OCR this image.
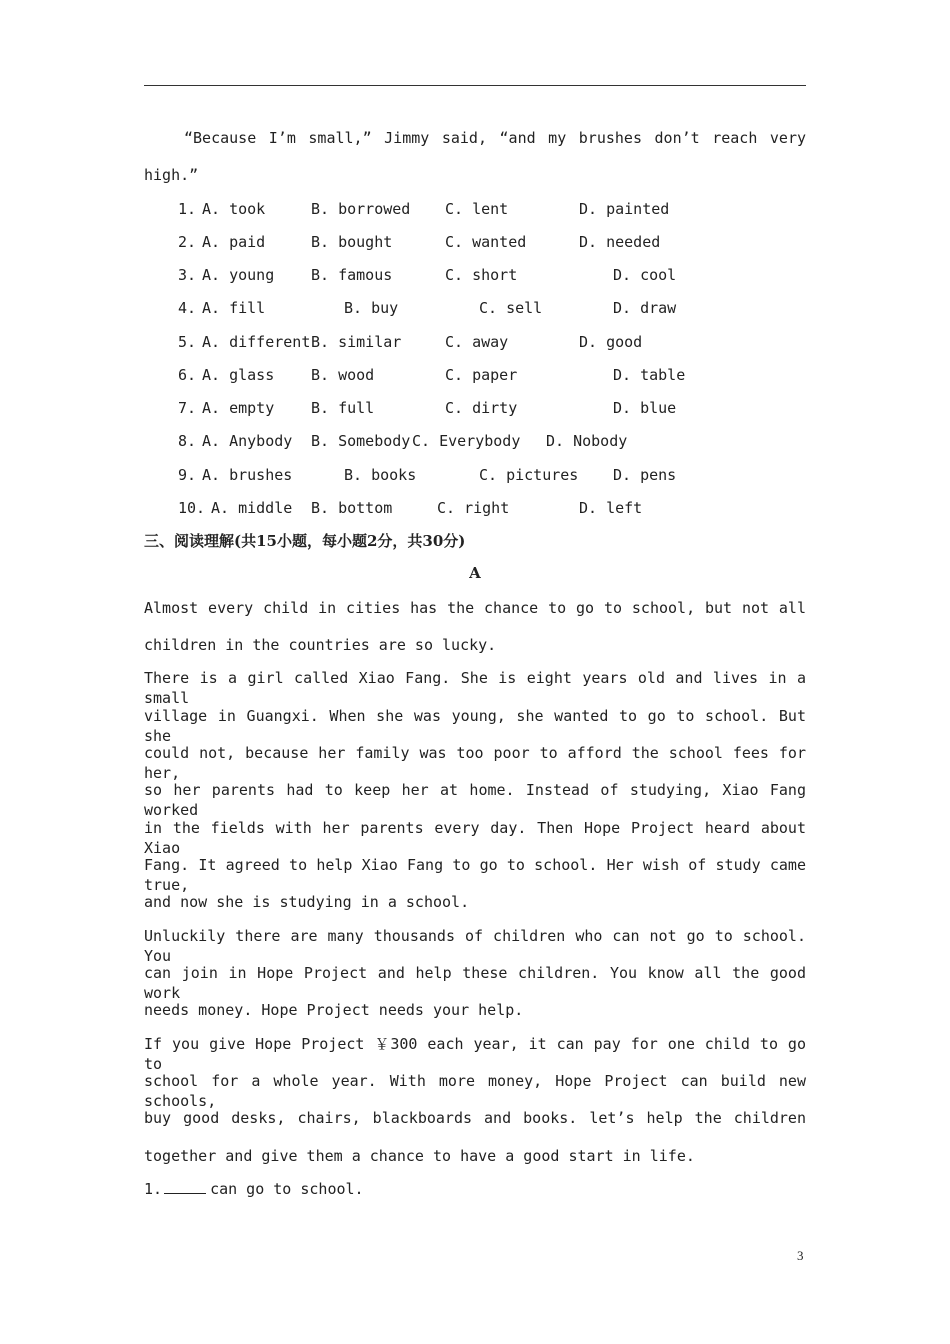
“Because I’m small,” Jimmy said, “and my brushes don’t reach very
high.”
1. A. took	B. borrowed C. lent	D. painted
2. A. paid	B. bought	C. wanted	D. needed
3. A. young B. famous	C. short	D. cool
4. A. fill	B. buy	C. sell	D. draw
5. A. different B. similar	C. away	D. good
6. A. glass B. wood	C. paper	D. table
7. A. empty B. full	C. dirty	D. blue
8. A. Anybody B. Somebody C. Everybody D. Nobody
9. A. brushes	B. books	C. pictures D. pens
10. A. middle B. bottom	C. right	D. left
三、阅读理解(共15小题，每小题2分，共30分)
A
Almost every child in cities has the chance to go to school, but not all
children in the countries are so lucky.
There is a girl called Xiao Fang. She is eight years old and lives in a small
village in Guangxi. When she was young, she wanted to go to school. But she
could not, because her family was too poor to afford the school fees for her,
so her parents had to keep her at home. Instead of studying, Xiao Fang worked
in the fields with her parents every day. Then Hope Project heard about Xiao
Fang. It agreed to help Xiao Fang to go to school. Her wish of study came true,
and now she is studying in a school.
Unluckily there are many thousands of children who can not go to school. You
can join in Hope Project and help these children. You know all the good work
needs money. Hope Project needs your help.
If you give Hope Project ￥300 each year, it can pay for one child to go to
school for a whole year. With more money, Hope Project can build new schools,
buy good desks, chairs, blackboards and books. let’s help the children
together and give them a chance to have a good start in life.
1.	can go to school.
3
